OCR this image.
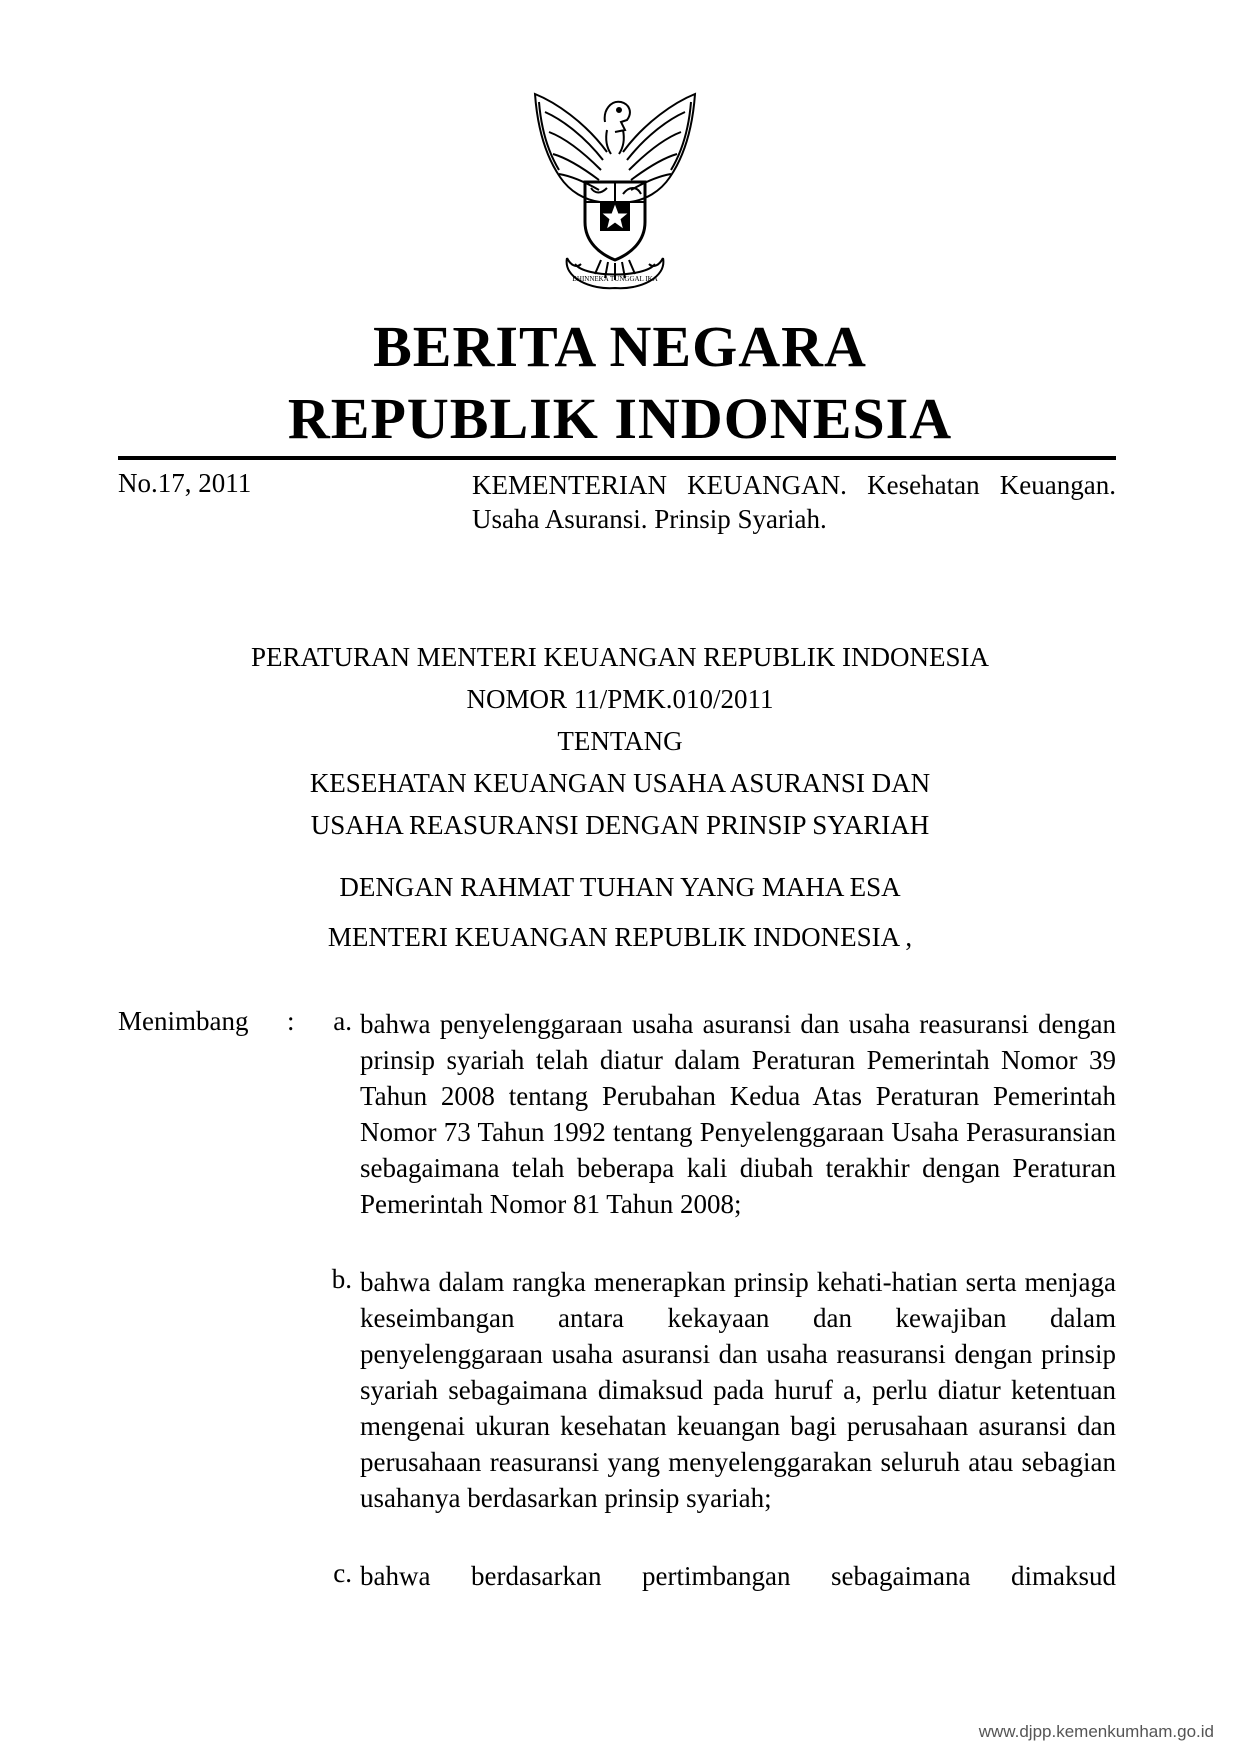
BHINNEKA TUNGGAL IKA
BERITA NEGARA
REPUBLIK INDONESIA
No.17, 2011	KEMENTERIAN KEUANGAN. Kesehatan Keuangan. Usaha Asuransi. Prinsip Syariah.
PERATURAN MENTERI KEUANGAN REPUBLIK INDONESIA
NOMOR 11/PMK.010/2011
TENTANG
KESEHATAN KEUANGAN USAHA ASURANSI DAN
USAHA REASURANSI DENGAN PRINSIP SYARIAH
DENGAN RAHMAT TUHAN YANG MAHA ESA
MENTERI KEUANGAN REPUBLIK INDONESIA ,
Menimbang :	a. bahwa penyelenggaraan usaha asuransi dan usaha reasuransi dengan prinsip syariah telah diatur dalam Peraturan Pemerintah Nomor 39 Tahun 2008 tentang Perubahan Kedua Atas Peraturan Pemerintah Nomor 73 Tahun 1992 tentang Penyelenggaraan Usaha Perasuransian sebagaimana telah beberapa kali diubah terakhir dengan Peraturan Pemerintah Nomor 81 Tahun 2008;
b. bahwa dalam rangka menerapkan prinsip kehati-hatian serta menjaga keseimbangan antara kekayaan dan kewajiban dalam penyelenggaraan usaha asuransi dan usaha reasuransi dengan prinsip syariah sebagaimana dimaksud pada huruf a, perlu diatur ketentuan mengenai ukuran kesehatan keuangan bagi perusahaan asuransi dan perusahaan reasuransi yang menyelenggarakan seluruh atau sebagian usahanya berdasarkan prinsip syariah;
c. bahwa berdasarkan pertimbangan sebagaimana dimaksud
www.djpp.kemenkumham.go.id
